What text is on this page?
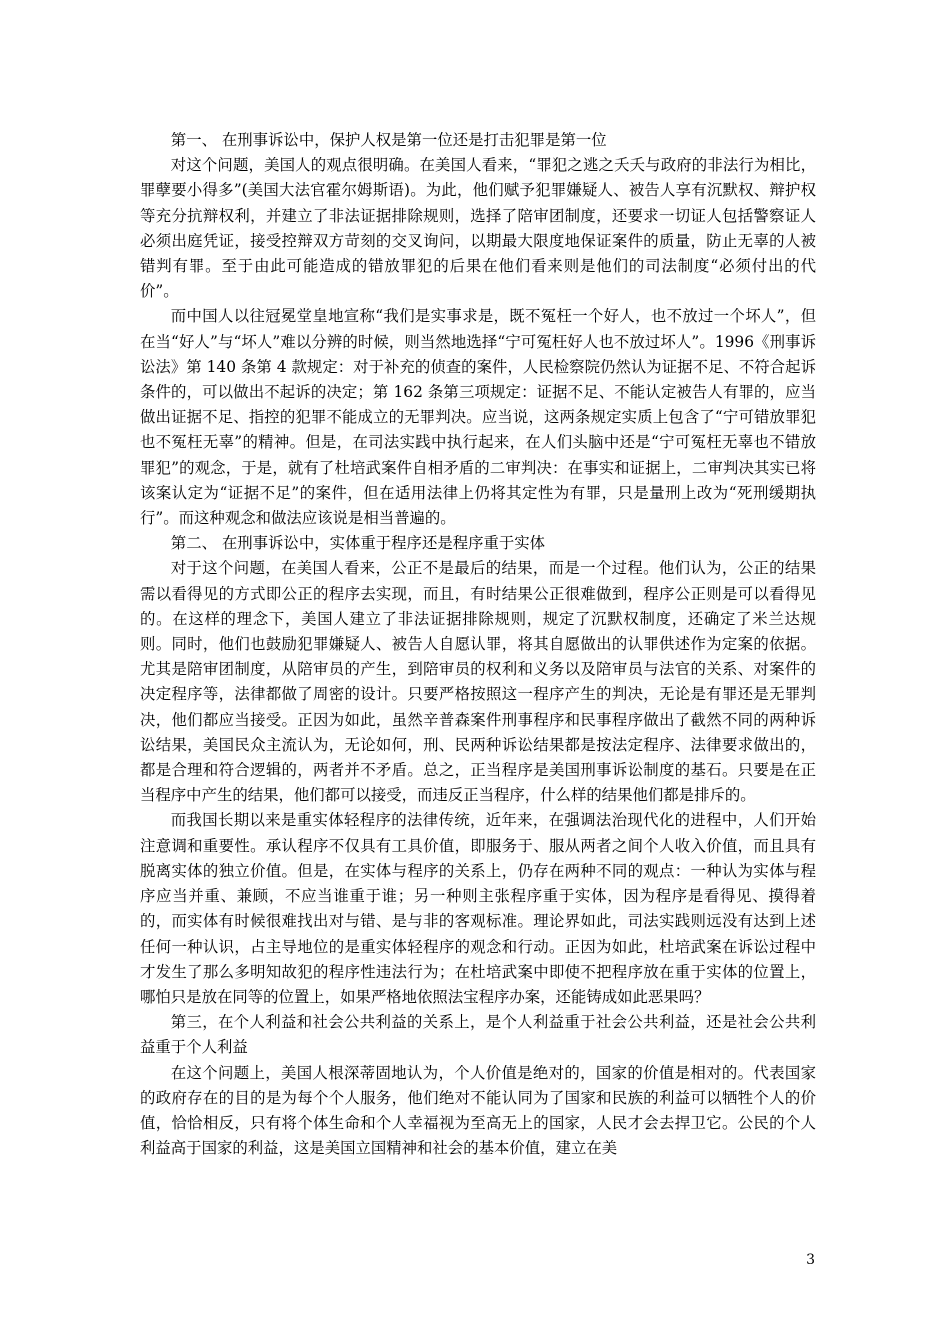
第一、 在刑事诉讼中，保护人权是第一位还是打击犯罪是第一位

对这个问题，美国人的观点很明确。在美国人看来，“罪犯之逃之夭夭与政府的非法行为相比，罪孽要小得多”(美国大法官霍尔姆斯语)。为此，他们赋予犯罪嫌疑人、被告人享有沉默权、辩护权等充分抗辩权利，并建立了非法证据排除规则，选择了陪审团制度，还要求一切证人包括警察证人必须出庭凭证，接受控辩双方苛刻的交叉询问，以期最大限度地保证案件的质量，防止无辜的人被错判有罪。至于由此可能造成的错放罪犯的后果在他们看来则是他们的司法制度“必须付出的代价”。

而中国人以往冠冕堂皇地宣称“我们是实事求是，既不冤枉一个好人，也不放过一个坏人”，但在当“好人”与“坏人”难以分辨的时候，则当然地选择“宁可冤枉好人也不放过坏人”。1996《刑事诉讼法》第 140 条第 4 款规定：对于补充的侦查的案件，人民检察院仍然认为证据不足、不符合起诉条件的，可以做出不起诉的决定；第 162 条第三项规定：证据不足、不能认定被告人有罪的，应当做出证据不足、指控的犯罪不能成立的无罪判决。应当说，这两条规定实质上包含了“宁可错放罪犯也不冤枉无辜”的精神。但是，在司法实践中执行起来，在人们头脑中还是“宁可冤枉无辜也不错放罪犯”的观念，于是，就有了杜培武案件自相矛盾的二审判决：在事实和证据上，二审判决其实已将该案认定为“证据不足”的案件，但在适用法律上仍将其定性为有罪，只是量刑上改为“死刑缓期执行”。而这种观念和做法应该说是相当普遍的。

第二、 在刑事诉讼中，实体重于程序还是程序重于实体

对于这个问题，在美国人看来，公正不是最后的结果，而是一个过程。他们认为，公正的结果需以看得见的方式即公正的程序去实现，而且，有时结果公正很难做到，程序公正则是可以看得见的。在这样的理念下，美国人建立了非法证据排除规则，规定了沉默权制度，还确定了米兰达规则。同时，他们也鼓励犯罪嫌疑人、被告人自愿认罪，将其自愿做出的认罪供述作为定案的依据。尤其是陪审团制度，从陪审员的产生，到陪审员的权利和义务以及陪审员与法官的关系、对案件的决定程序等，法律都做了周密的设计。只要严格按照这一程序产生的判决，无论是有罪还是无罪判决，他们都应当接受。正因为如此，虽然辛普森案件刑事程序和民事程序做出了截然不同的两种诉讼结果，美国民众主流认为，无论如何，刑、民两种诉讼结果都是按法定程序、法律要求做出的，都是合理和符合逻辑的，两者并不矛盾。总之，正当程序是美国刑事诉讼制度的基石。只要是在正当程序中产生的结果，他们都可以接受，而违反正当程序，什么样的结果他们都是排斥的。

而我国长期以来是重实体轻程序的法律传统，近年来，在强调法治现代化的进程中，人们开始注意调和重要性。承认程序不仅具有工具价值，即服务于、服从两者之间个人收入价值，而且具有脱离实体的独立价值。但是，在实体与程序的关系上，仍存在两种不同的观点：一种认为实体与程序应当并重、兼顾，不应当谁重于谁；另一种则主张程序重于实体，因为程序是看得见、摸得着的，而实体有时候很难找出对与错、是与非的客观标准。理论界如此，司法实践则远没有达到上述任何一种认识，占主导地位的是重实体轻程序的观念和行动。正因为如此，杜培武案在诉讼过程中才发生了那么多明知故犯的程序性违法行为；在杜培武案中即使不把程序放在重于实体的位置上，哪怕只是放在同等的位置上，如果严格地依照法宝程序办案，还能铸成如此恶果吗？

第三，在个人利益和社会公共利益的关系上，是个人利益重于社会公共利益，还是社会公共利益重于个人利益

在这个问题上，美国人根深蒂固地认为，个人价值是绝对的，国家的价值是相对的。代表国家的政府存在的目的是为每个个人服务，他们绝对不能认同为了国家和民族的利益可以牺牲个人的价值，恰恰相反，只有将个体生命和个人幸福视为至高无上的国家，人民才会去捍卫它。公民的个人利益高于国家的利益，这是美国立国精神和社会的基本价值，建立在美

3
